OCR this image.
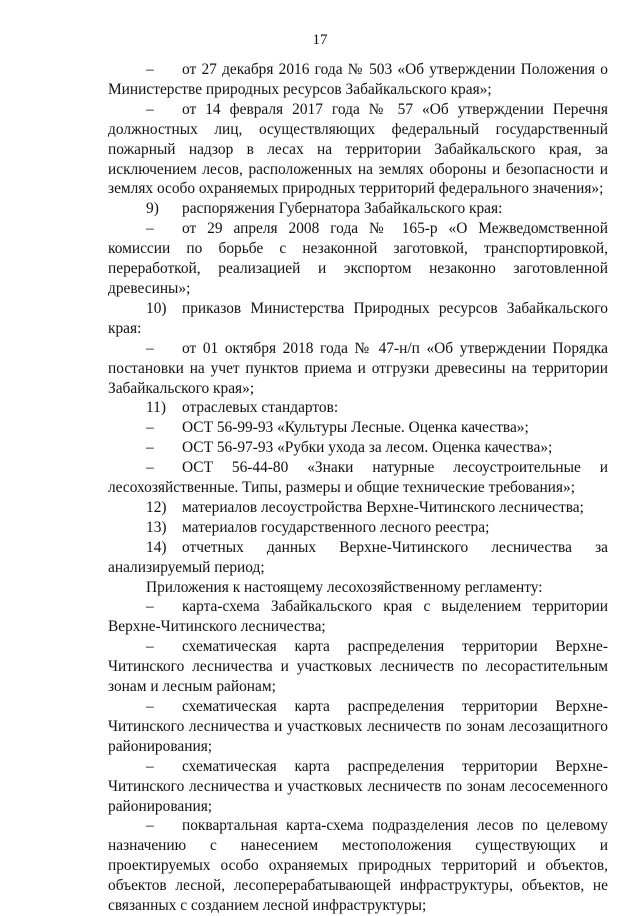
17

– от 27 декабря 2016 года № 503 «Об утверждении Положения о Министерстве природных ресурсов Забайкальского края»;

– от 14 февраля 2017 года № 57 «Об утверждении Перечня должностных лиц, осуществляющих федеральный государственный пожарный надзор в лесах на территории Забайкальского края, за исключением лесов, расположенных на землях обороны и безопасности и землях особо охраняемых природных территорий федерального значения»;

9) распоряжения Губернатора Забайкальского края:

– от 29 апреля 2008 года № 165-р «О Межведомственной комиссии по борьбе с незаконной заготовкой, транспортировкой, переработкой, реализацией и экспортом незаконно заготовленной древесины»;

10) приказов Министерства Природных ресурсов Забайкальского края:

– от 01 октября 2018 года № 47-н/п «Об утверждении Порядка постановки на учет пунктов приема и отгрузки древесины на территории Забайкальского края»;

11) отраслевых стандартов:

– ОСТ 56-99-93 «Культуры Лесные. Оценка качества»;

– ОСТ 56-97-93 «Рубки ухода за лесом. Оценка качества»;

– ОСТ 56-44-80 «Знаки натурные лесоустроительные и лесохозяйственные. Типы, размеры и общие технические требования»;

12) материалов лесоустройства Верхне-Читинского лесничества;

13) материалов государственного лесного реестра;

14) отчетных данных Верхне-Читинского лесничества за анализируемый период;

Приложения к настоящему лесохозяйственному регламенту:

– карта-схема Забайкальского края с выделением территории Верхне-Читинского лесничества;

– схематическая карта распределения территории Верхне-Читинского лесничества и участковых лесничеств по лесорастительным зонам и лесным районам;

– схематическая карта распределения территории Верхне-Читинского лесничества и участковых лесничеств по зонам лесозащитного районирования;

– схематическая карта распределения территории Верхне-Читинского лесничества и участковых лесничеств по зонам лесосеменного районирования;

– поквартальная карта-схема подразделения лесов по целевому назначению с нанесением местоположения существующих и проектируемых особо охраняемых природных территорий и объектов, объектов лесной, лесоперерабатывающей инфраструктуры, объектов, не связанных с созданием лесной инфраструктуры;
